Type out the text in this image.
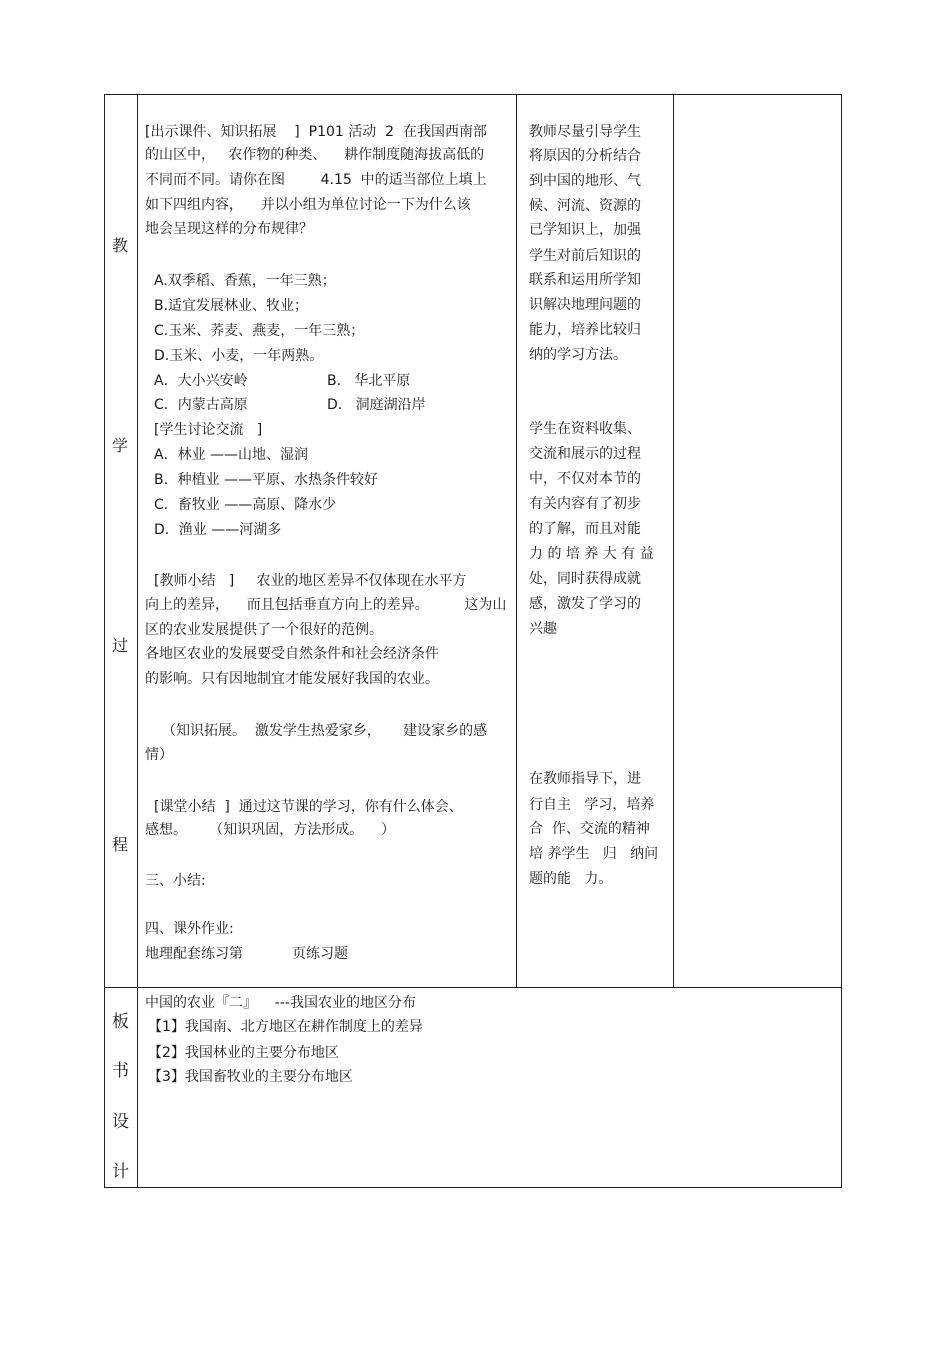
教
学
过
程
板
书
设
计
[出示课件、知识拓展    ]  P101 活动  2  在我国西南部
的山区中，   农作物的种类、    耕作制度随海拔高低的
不同而不同。请你在图        4.15  中的适当部位上填上
如下四组内容，    并以小组为单位讨论一下为什么该
地会呈现这样的分布规律？
A.双季稻、香蕉，一年三熟；
B.适宜发展林业、牧业；
C.玉米、荞麦、燕麦，一年三熟；
D.玉米、小麦，一年两熟。
A．大小兴安岭	B.   华北平原
C．内蒙古高原	D.   洞庭湖沿岸
[学生讨论交流   ]
A．林业 ——山地、湿润
B．种植业 ——平原、水热条件较好
C．畜牧业 ——高原、降水少
D．渔业 ——河湖多
[教师小结   ]     农业的地区差异不仅体现在水平方
向上的差异，    而且包括垂直方向上的差异。        这为山
区的农业发展提供了一个很好的范例。
各地区农业的发展要受自然条件和社会经济条件
的影响。只有因地制宜才能发展好我国的农业。
（知识拓展。  激发学生热爱家乡，     建设家乡的感
情）
[课堂小结  ]  通过这节课的学习，你有什么体会、
感想。     （知识巩固，方法形成。    ）
三、小结:
四、课外作业:
地理配套练习第           页练习题
教师尽量引导学生
将原因的分析结合
到中国的地形、气
候、河流、资源的
已学知识上，加强
学生对前后知识的
联系和运用所学知
识解决地理问题的
能力，培养比较归
纳的学习方法。
学生在资料收集、
交流和展示的过程
中，不仅对本节的
有关内容有了初步
的了解，而且对能
力 的 培 养 大 有 益
处，同时获得成就
感，激发了学习的
兴趣
在教师指导下，进
行自主   学习，培养
合  作、交流的精神
培 养学生   归   纳问
题的能   力。
中国的农业『二』    ---我国农业的地区分布
【1】我国南、北方地区在耕作制度上的差异
【2】我国林业的主要分布地区
【3】我国畜牧业的主要分布地区
